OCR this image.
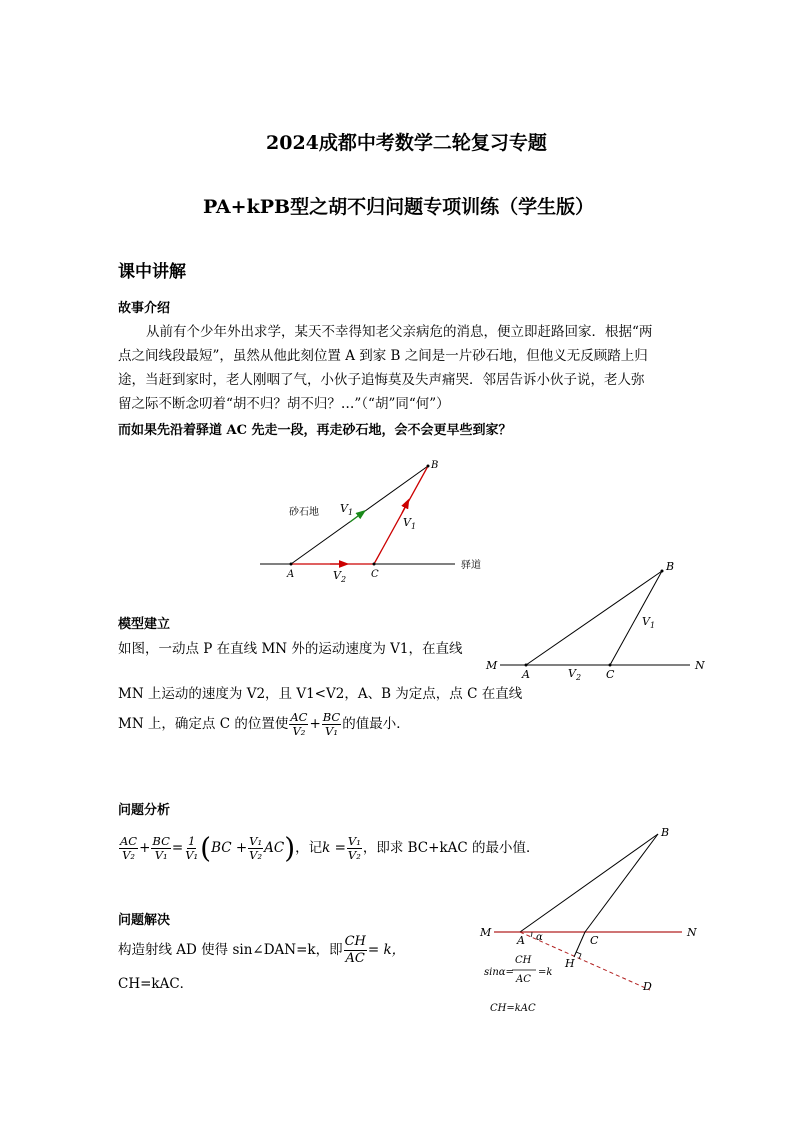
2024成都中考数学二轮复习专题
PA+kPB型之胡不归问题专项训练（学生版）
课中讲解
故事介绍
从前有个少年外出求学，某天不幸得知老父亲病危的消息，便立即赶路回家．根据“两
点之间线段最短”，虽然从他此刻位置 A 到家 B 之间是一片砂石地，但他义无反顾踏上归
途，当赶到家时，老人刚咽了气，小伙子追悔莫及失声痛哭．邻居告诉小伙子说，老人弥
留之际不断念叨着“胡不归？胡不归？…”（“胡”同“何”）
而如果先沿着驿道 AC 先走一段，再走砂石地，会不会更早些到家？
B
A	C
砂石地
驿道
$V_1$
$V_1$
$V_2$
模型建立
如图，一动点 P 在直线 MN 外的运动速度为 V1，在直线
MN 上运动的速度为 V2，且 V1<V2，A、B 为定点，点 C 在直线
MN 上，确定点 C 的位置使 $\frac{AC}{\text{V₂}} + \frac{BC}{\text{V₁}}$ 的值最小．
B
M	N
A	C
$V_1$
$V_2$
问题分析
$\frac{AC}{\text{V₂}} + \frac{BC}{\text{V₁}} = \frac{1}{\text{V₁}} (BC + \frac{\text{V₁}}{\text{V₂}} AC)$，记$k = \frac{\text{V₁}}{\text{V₂}}$ ，即求 BC+kAC 的最小值．
问题解决
构造射线 AD 使得 sin∠DAN=k，即 $\frac{CH}{AC} = k$，
CH=kAC．
B
M	N
A α	C
H
D
sinα=
CH
AC
=k
CH=kAC
